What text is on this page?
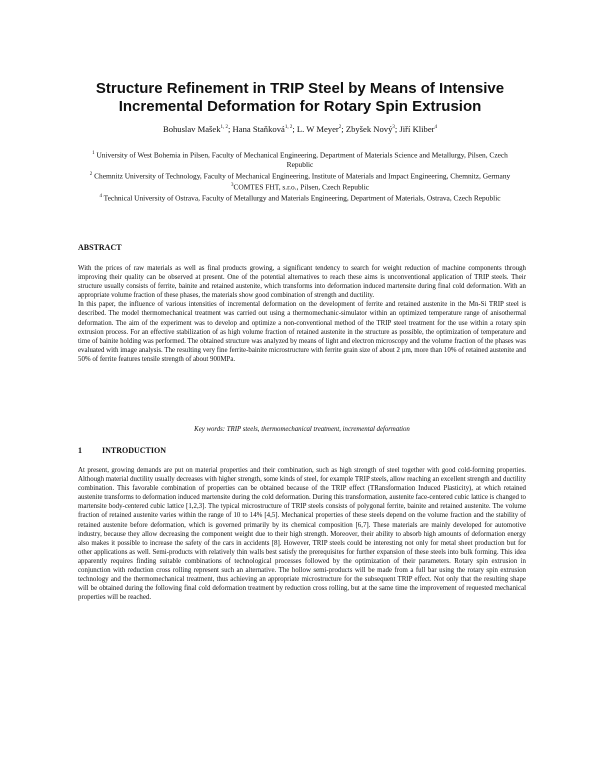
Structure Refinement in TRIP Steel by Means of Intensive Incremental Deformation for Rotary Spin Extrusion
Bohuslav Mašek$^{1, 2}$; Hana Staňková$^{1, 2}$; L. W Meyer$^2$; Zbyšek Nový$^3$; Jiří Kliber$^4$
$^1$ University of West Bohemia in Pilsen, Faculty of Mechanical Engineering, Department of Materials Science and Metallurgy, Pilsen, Czech Republic
$^2$ Chemnitz University of Technology, Faculty of Mechanical Engineering, Institute of Materials and Impact Engineering, Chemnitz, Germany
$^3$COMTES FHT, s.r.o., Pilsen, Czech Republic
$^4$ Technical University of Ostrava, Faculty of Metallurgy and Materials Engineering, Department of Materials, Ostrava, Czech Republic
ABSTRACT

With the prices of raw materials as well as final products growing, a significant tendency to search for weight reduction of machine components through improving their quality can be observed at present. One of the potential alternatives to reach these aims is unconventional application of TRIP steels. Their structure usually consists of ferrite, bainite and retained austenite, which transforms into deformation induced martensite during final cold deformation. With an appropriate volume fraction of these phases, the materials show good combination of strength and ductility.

In this paper, the influence of various intensities of incremental deformation on the development of ferrite and retained austenite in the Mn-Si TRIP steel is described. The model thermomechanical treatment was carried out using a thermomechanic-simulator within an optimized temperature range of anisothermal deformation. The aim of the experiment was to develop and optimize a non-conventional method of the TRIP steel treatment for the use within a rotary spin extrusion process. For an effective stabilization of as high volume fraction of retained austenite in the structure as possible, the optimization of temperature and time of bainite holding was performed. The obtained structure was analyzed by means of light and electron microscopy and the volume fraction of the phases was evaluated with image analysis. The resulting very fine ferrite-bainite microstructure with ferrite grain size of about 2 μm, more than 10% of retained austenite and 50% of ferrite features tensile strength of about 900MPa.

Key words: TRIP steels, thermomechanical treatment, incremental deformation
1	INTRODUCTION

At present, growing demands are put on material properties and their combination, such as high strength of steel together with good cold-forming properties. Although material ductility usually decreases with higher strength, some kinds of steel, for example TRIP steels, allow reaching an excellent strength and ductility combination. This favorable combination of properties can be obtained because of the TRIP effect (TRansformation Induced Plasticity), at which retained austenite transforms to deformation induced martensite during the cold deformation. During this transformation, austenite face-centered cubic lattice is changed to martensite body-centered cubic lattice [1,2,3]. The typical microstructure of TRIP steels consists of polygonal ferrite, bainite and retained austenite. The volume fraction of retained austenite varies within the range of 10 to 14% [4,5]. Mechanical properties of these steels depend on the volume fraction and the stability of retained austenite before deformation, which is governed primarily by its chemical composition [6,7]. These materials are mainly developed for automotive industry, because they allow decreasing the component weight due to their high strength. Moreover, their ability to absorb high amounts of deformation energy also makes it possible to increase the safety of the cars in accidents [8]. However, TRIP steels could be interesting not only for metal sheet production but for other applications as well. Semi-products with relatively thin walls best satisfy the prerequisites for further expansion of these steels into bulk forming. This idea apparently requires finding suitable combinations of technological processes followed by the optimization of their parameters. Rotary spin extrusion in conjunction with reduction cross rolling represent such an alternative. The hollow semi-products will be made from a full bar using the rotary spin extrusion technology and the thermomechanical treatment, thus achieving an appropriate microstructure for the subsequent TRIP effect. Not only that the resulting shape will be obtained during the following final cold deformation treatment by reduction cross rolling, but at the same time the improvement of requested mechanical properties will be reached.
